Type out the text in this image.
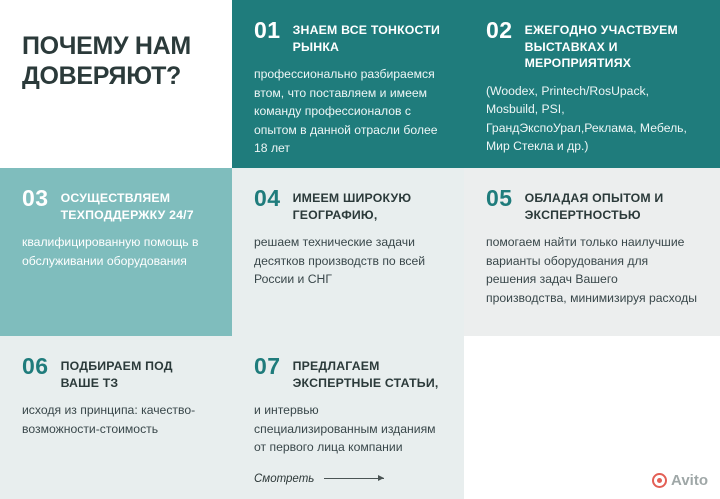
ПОЧЕМУ НАМ ДОВЕРЯЮТ?
01 ЗНАЕМ ВСЕ ТОНКОСТИ РЫНКА
профессионально разбираемся втом, что поставляем и имеем команду профессионалов с опытом в данной отрасли более 18 лет
02 ЕЖЕГОДНО УЧАСТВУЕМ ВЫСТАВКАХ И МЕРОПРИЯТИЯХ
(Woodex, Printech/RosUpack, Mosbuild, PSI, ГрандЭкспоУрал,Реклама, Мебель, Мир Стекла и др.)
03 ОСУЩЕСТВЛЯЕМ ТЕХПОДДЕРЖКУ 24/7
квалифицированную помощь в обслуживании оборудования
04 ИМЕЕМ ШИРОКУЮ ГЕОГРАФИЮ,
решаем технические задачи десятков производств по всей России и СНГ
05 ОБЛАДАЯ ОПЫТОМ И ЭКСПЕРТНОСТЬЮ
помогаем найти только наилучшие варианты оборудования для решения задач Вашего производства, минимизируя расходы
06 ПОДБИРАЕМ ПОД ВАШЕ ТЗ
исходя из принципа: качество-возможности-стоимость
07 ПРЕДЛАГАЕМ ЭКСПЕРТНЫЕ СТАТЬИ,
и интервью специализированным изданиям от первого лица компании
Смотреть	Avito
